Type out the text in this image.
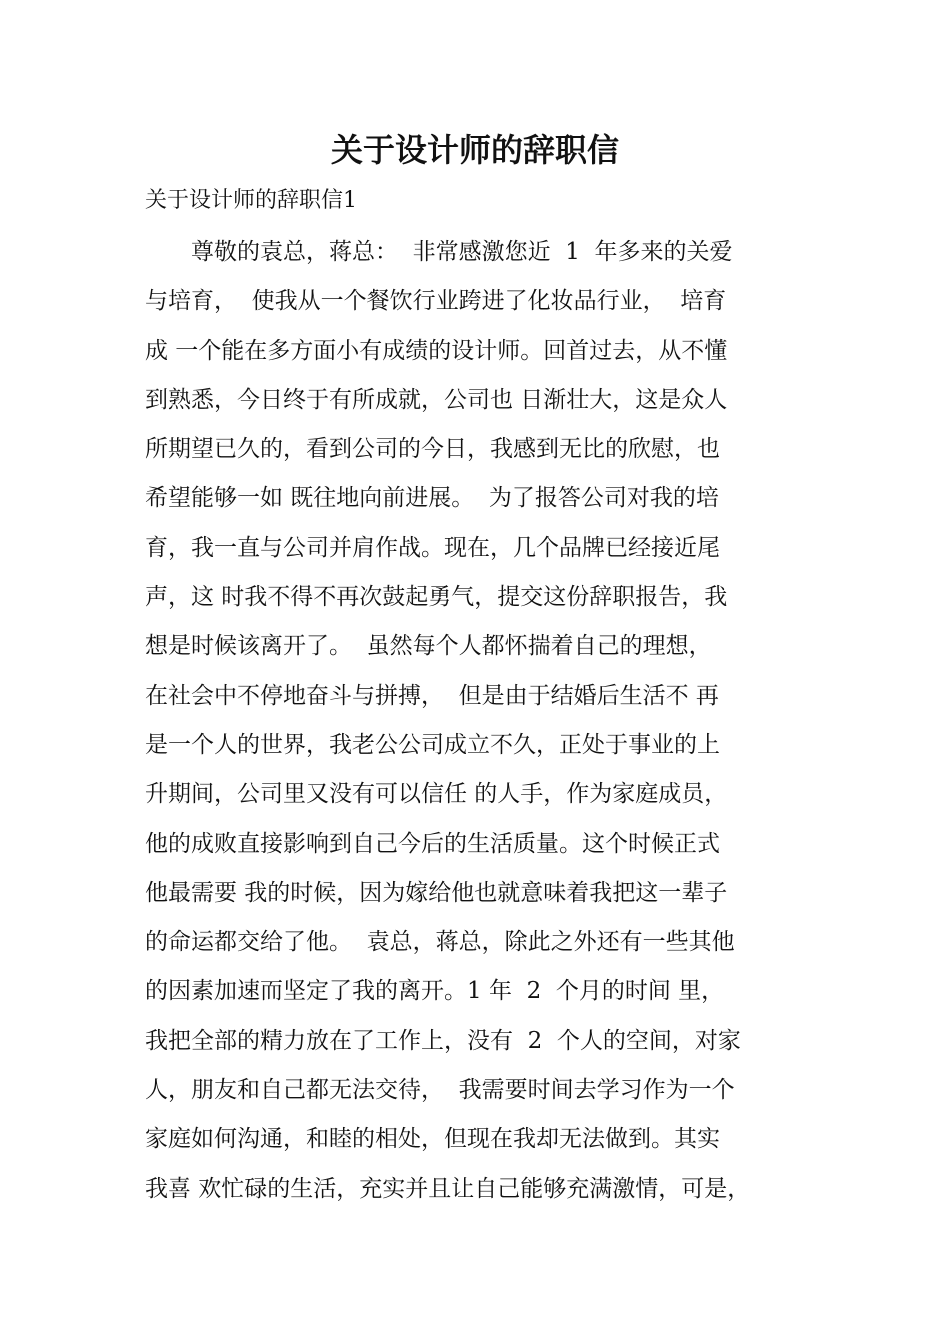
关于设计师的辞职信
关于设计师的辞职信1
　　尊敬的袁总，蒋总：  非常感激您近  1  年多来的关爱
与培育，  使我从一个餐饮行业跨进了化妆品行业，  培育
成 一个能在多方面小有成绩的设计师。回首过去，从不懂
到熟悉，今日终于有所成就，公司也 日渐壮大，这是众人
所期望已久的，看到公司的今日，我感到无比的欣慰，也
希望能够一如 既往地向前进展。  为了报答公司对我的培
育，我一直与公司并肩作战。现在，几个品牌已经接近尾
声，这 时我不得不再次鼓起勇气，提交这份辞职报告，我
想是时候该离开了。  虽然每个人都怀揣着自己的理想，
在社会中不停地奋斗与拼搏，  但是由于结婚后生活不 再
是一个人的世界，我老公公司成立不久，正处于事业的上
升期间，公司里又没有可以信任 的人手，作为家庭成员，
他的成败直接影响到自己今后的生活质量。这个时候正式
他最需要 我的时候，因为嫁给他也就意味着我把这一辈子
的命运都交给了他。  袁总，蒋总，除此之外还有一些其他
的因素加速而坚定了我的离开。1 年  2  个月的时间 里，
我把全部的精力放在了工作上，没有  2  个人的空间，对家
人，朋友和自己都无法交待，  我需要时间去学习作为一个
家庭如何沟通，和睦的相处，但现在我却无法做到。其实
我喜 欢忙碌的生活，充实并且让自己能够充满激情，可是，
